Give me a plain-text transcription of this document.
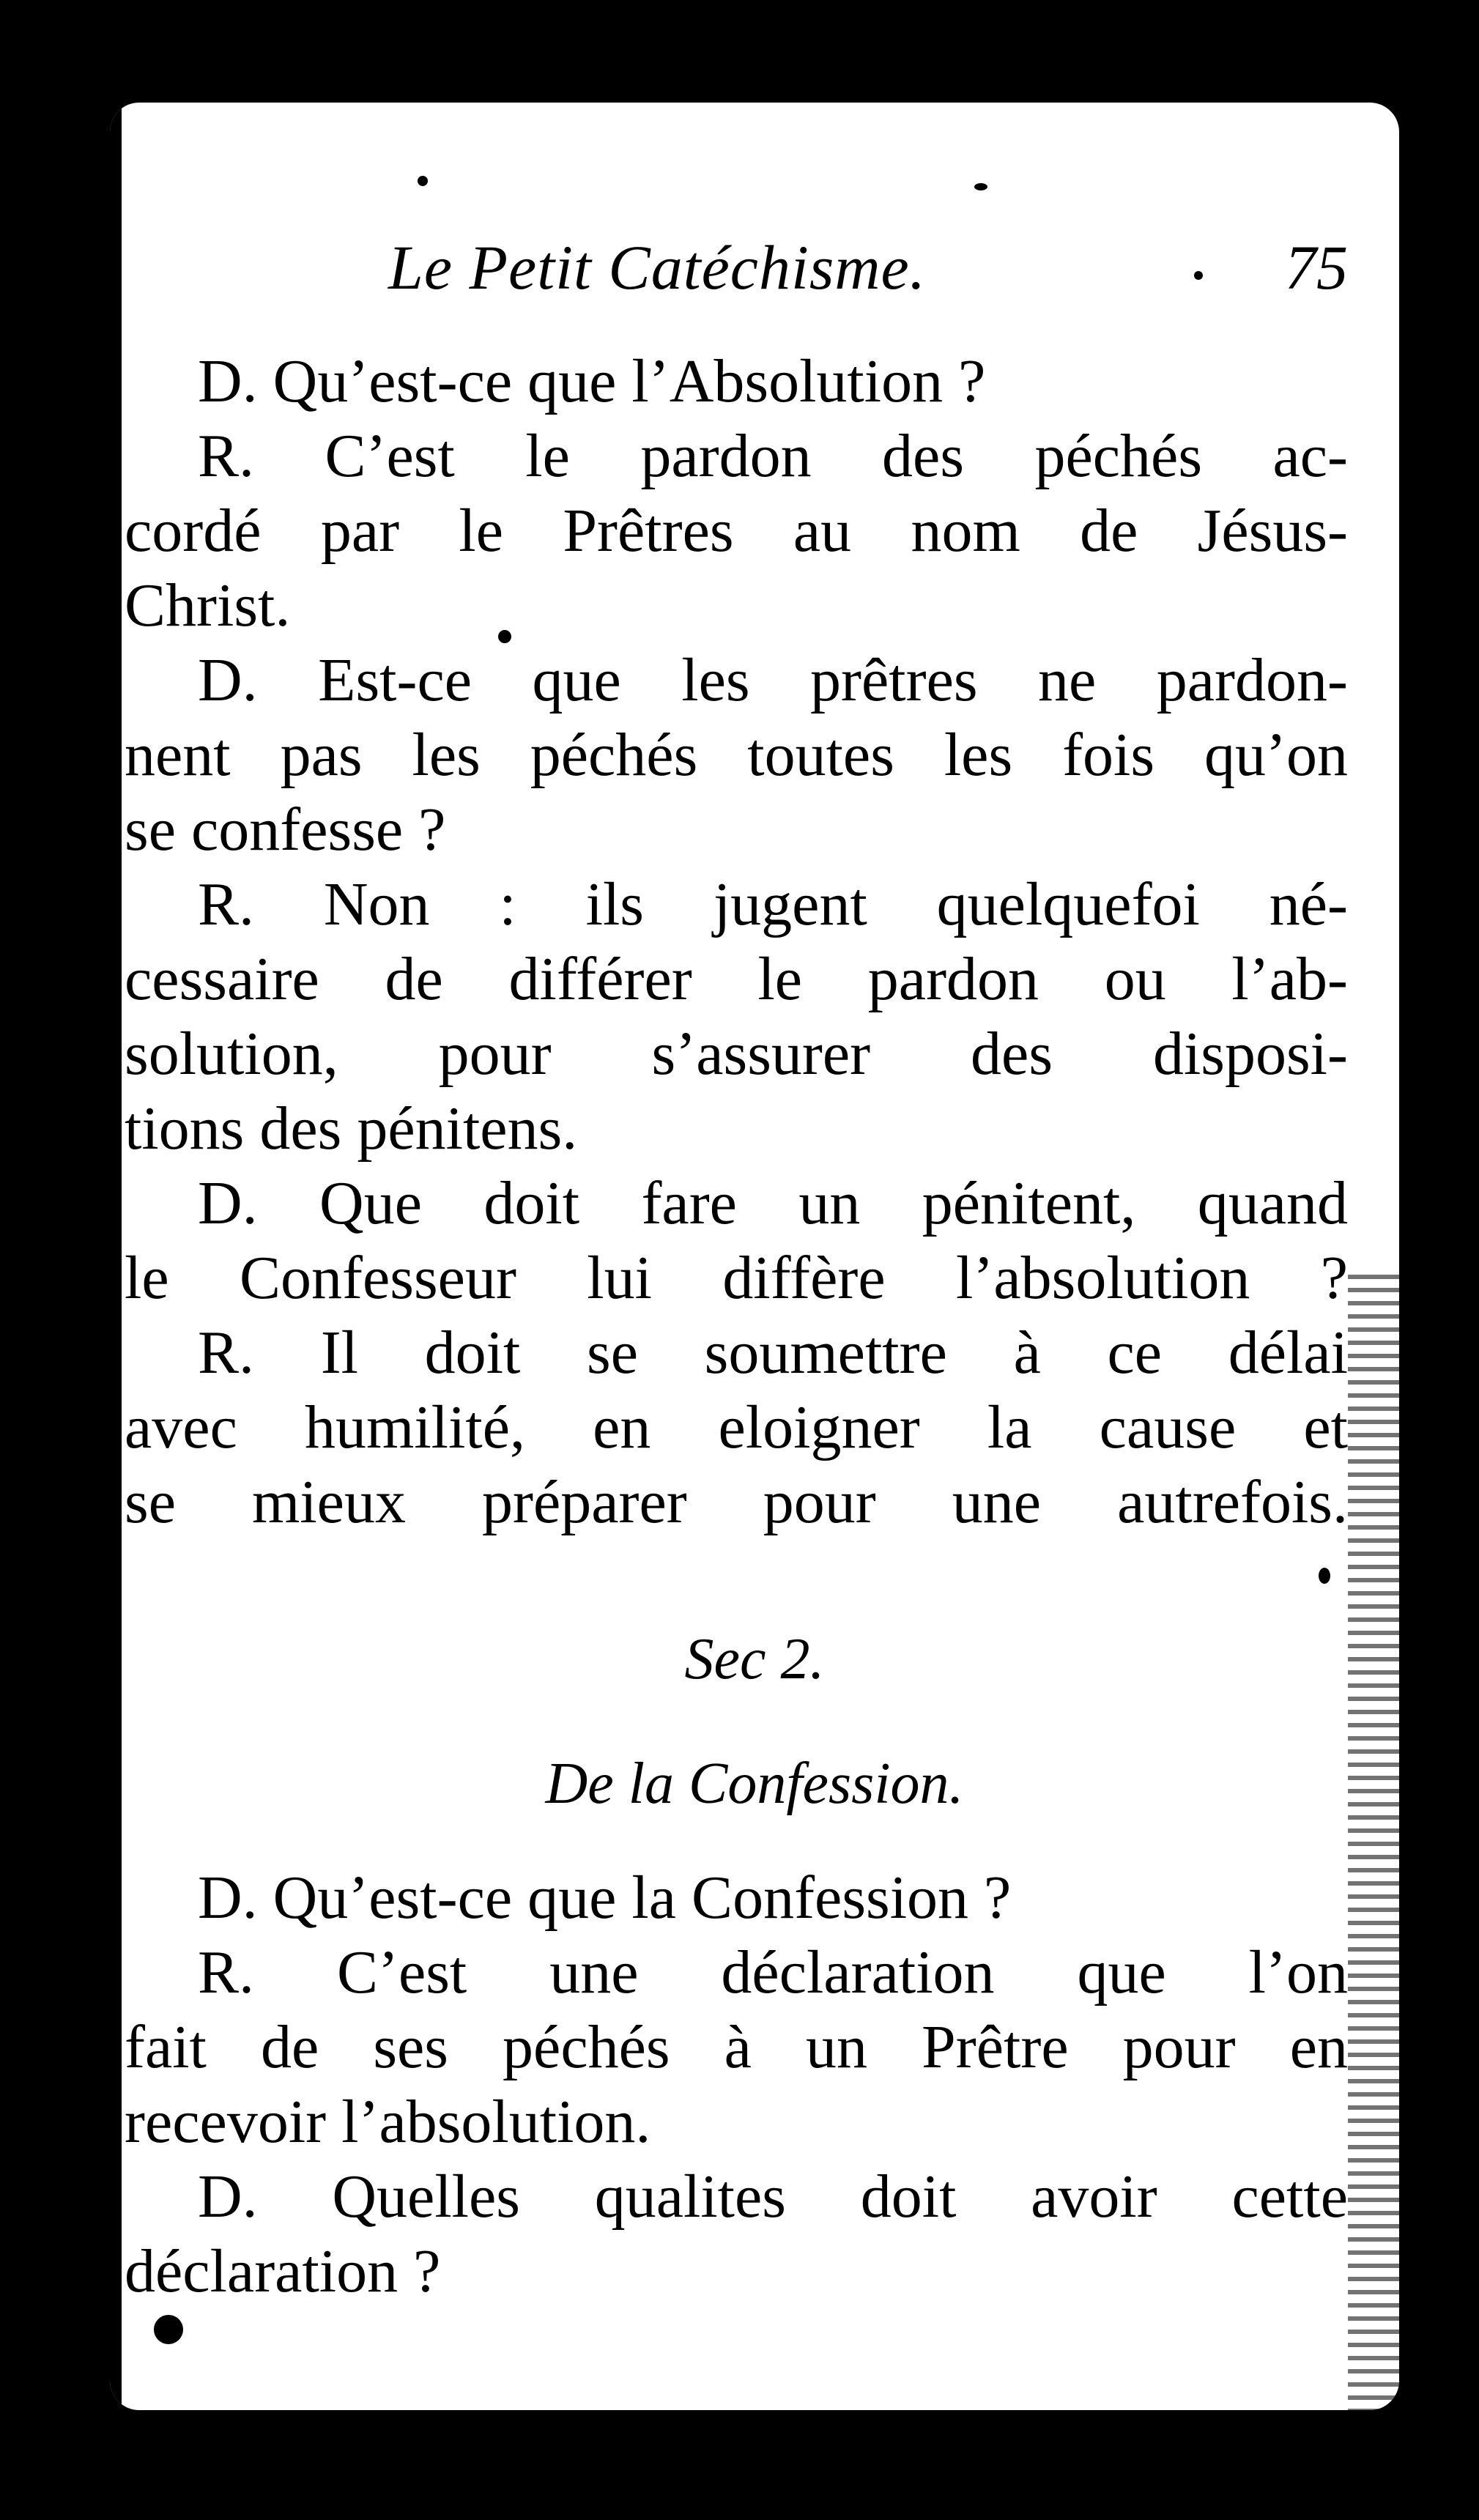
Le Petit Catéchisme.	75
D. Qu’est-ce que l’Absolution ?
R. C’est le pardon des péchés ac-
cordé par le Prêtres au nom de Jésus-
Christ.
D. Est-ce que les prêtres ne pardon-
nent pas les péchés toutes les fois qu’on
se confesse ?
R. Non : ils jugent quelquefoi né-
cessaire de différer le pardon ou l’ab-
solution, pour s’assurer des disposi-
tions des pénitens.
D. Que doit fare un pénitent, quand
le Confesseur lui diffère l’absolution ?
R. Il doit se soumettre à ce délai
avec humilité, en eloigner la cause et
se mieux préparer pour une autrefois.
Sec 2.
De la Confession.
D. Qu’est-ce que la Confession ?
R. C’est une déclaration que l’on
fait de ses péchés à un Prêtre pour en
recevoir l’absolution.
D. Quelles qualites doit avoir cette
déclaration ?
